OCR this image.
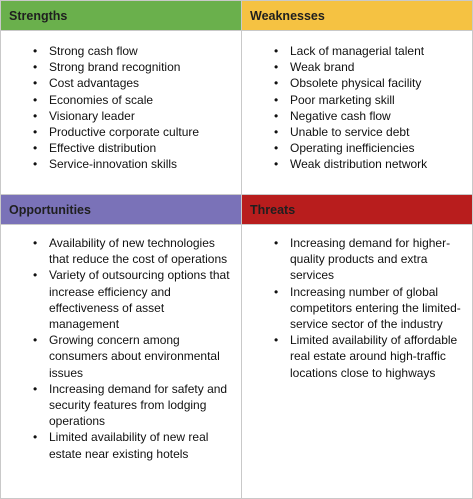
Strengths	Weaknesses
Opportunities	Threats
• Strong cash flow
• Strong brand recognition
• Cost advantages
• Economies of scale
• Visionary leader
• Productive corporate culture
• Effective distribution
• Service-innovation skills
• Lack of managerial talent
• Weak brand
• Obsolete physical facility
• Poor marketing skill
• Negative cash flow
• Unable to service debt
• Operating inefficiencies
• Weak distribution network
• Availability of new technologies that reduce the cost of operations
• Variety of outsourcing options that increase efficiency and effectiveness of asset management
• Growing concern among consumers about environmental issues
• Increasing demand for safety and security features from lodging operations
• Limited availability of new real estate near existing hotels
• Increasing demand for higher-quality products and extra services
• Increasing number of global competitors entering the limited-service sector of the industry
• Limited availability of affordable real estate around high-traffic locations close to highways
